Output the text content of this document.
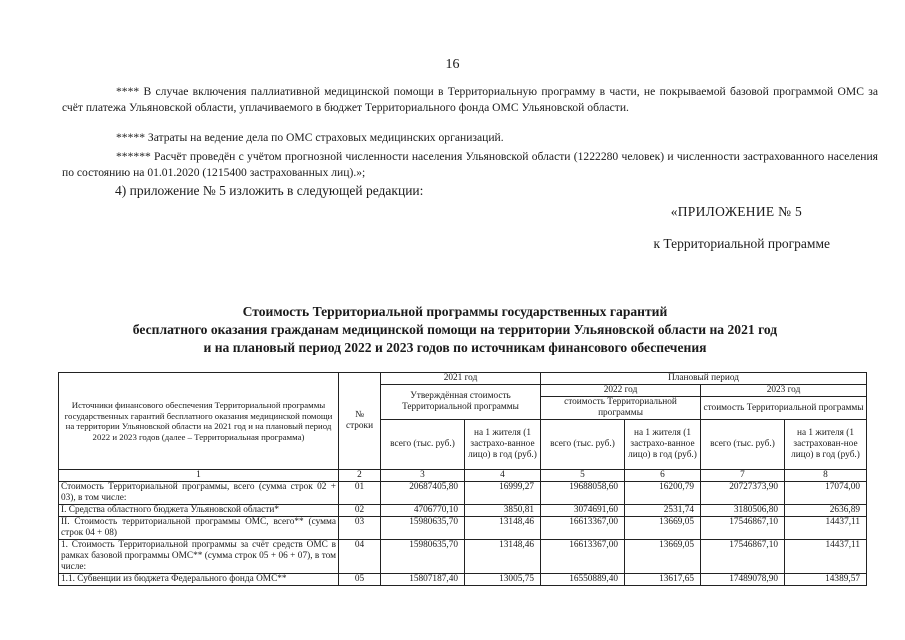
16

**** В случае включения паллиативной медицинской помощи в Территориальную программу в части, не покрываемой базовой программой ОМС за счёт платежа Ульяновской области, уплачиваемого в бюджет Территориального фонда ОМС Ульяновской области.

***** Затраты на ведение дела по ОМС страховых медицинских организаций.

****** Расчёт проведён с учётом прогнозной численности населения Ульяновской области (1222280 человек) и численности застрахованного населения по состоянию на 01.01.2020 (1215400 застрахованных лиц).»;

4) приложение № 5 изложить в следующей редакции:
«ПРИЛОЖЕНИЕ № 5
к Территориальной программе
Стоимость Территориальной программы государственных гарантий
бесплатного оказания гражданам медицинской помощи на территории Ульяновской области на 2021 год
и на плановый период 2022 и 2023 годов по источникам финансового обеспечения
Источники финансового обеспечения Территориальной программы государственных гарантий бесплатного оказания медицинской помощи на территории Ульяновской области на 2021 год и на плановый период 2022 и 2023 годов (далее – Территориальная программа)	№ строки	2021 год		Плановый период			
		Утверждённая стоимость Территориальной программы		2022 год		2023 год	
				стоимость Территориальной программы		стоимость Территориальной программы	
		всего (тыс. руб.)	на 1 жителя (1 застрахо-ванное лицо) в год (руб.)	всего (тыс. руб.)	на 1 жителя (1 застрахо-ванное лицо) в год (руб.)	всего (тыс. руб.)	на 1 жителя (1 застрахован-ное лицо) в год (руб.)
1	2	3	4	5	6	7	8
Стоимость Территориальной программы, всего (сумма строк 02 + 03), в том числе:	01	20687405,80	16999,27	19688058,60	16200,79	20727373,90	17074,00
I. Средства областного бюджета Ульяновской области*	02	4706770,10	3850,81	3074691,60	2531,74	3180506,80	2636,89
II. Стоимость территориальной программы ОМС, всего** (сумма строк 04 + 08)	03	15980635,70	13148,46	16613367,00	13669,05	17546867,10	14437,11
1. Стоимость Территориальной программы за счёт средств ОМС в рамках базовой программы ОМС** (сумма строк 05 + 06 + 07), в том числе:	04	15980635,70	13148,46	16613367,00	13669,05	17546867,10	14437,11
1.1. Субвенции из бюджета Федерального фонда ОМС**	05	15807187,40	13005,75	16550889,40	13617,65	17489078,90	14389,57
